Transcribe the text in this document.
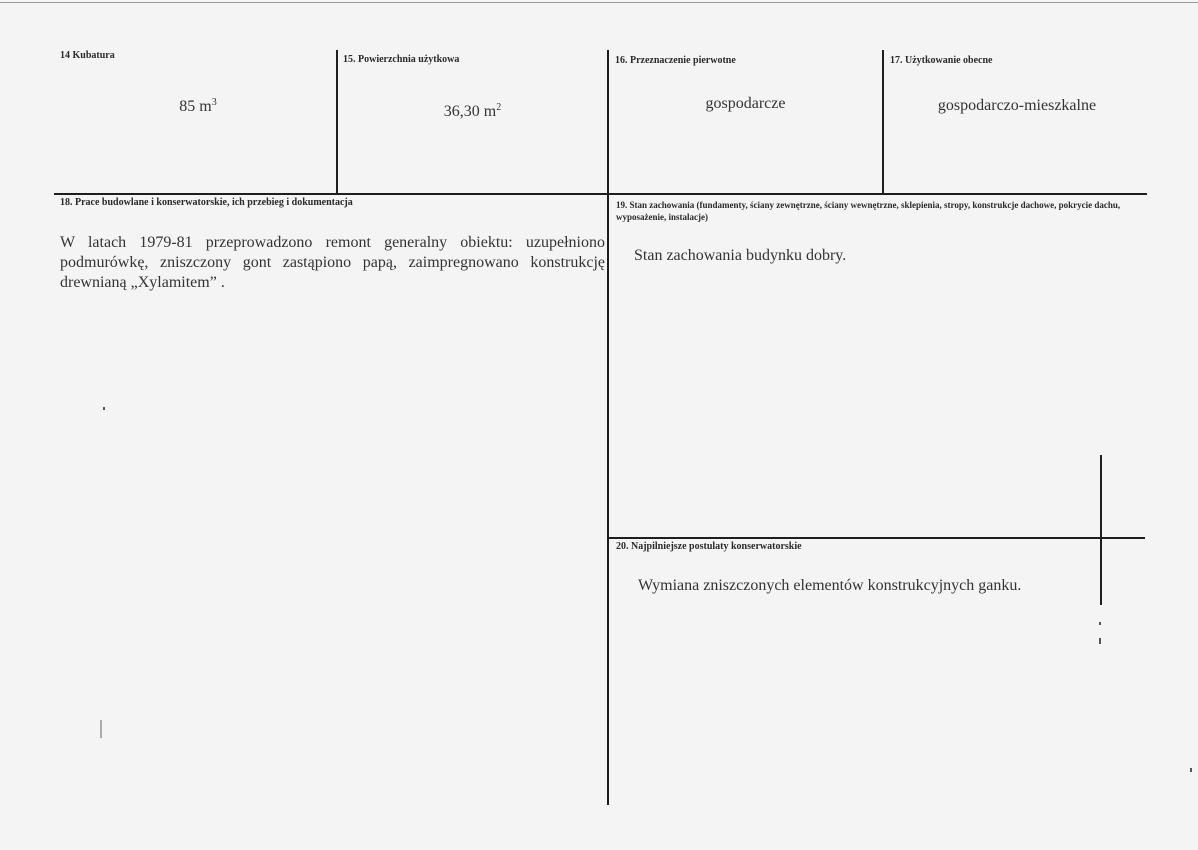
14 Kubatura
85 $m^3$
15. Powierzchnia użytkowa
36,30 $m^2$
16. Przeznaczenie pierwotne
gospodarcze
17. Użytkowanie obecne
gospodarczo-mieszkalne
18. Prace budowlane i konserwatorskie, ich przebieg i dokumentacja
W latach 1979-81 przeprowadzono remont generalny obiektu: uzupełniono podmurówkę, zniszczony gont zastąpiono papą, zaimpregnowano konstrukcję drewnianą „Xylamitem” .
19. Stan zachowania (fundamenty, ściany zewnętrzne, ściany wewnętrzne, sklepienia, stropy, konstrukcje dachowe, pokrycie dachu, wyposażenie, instalacje)
Stan zachowania budynku dobry.
20. Najpilniejsze postulaty konserwatorskie
Wymiana zniszczonych elementów konstrukcyjnych ganku.
